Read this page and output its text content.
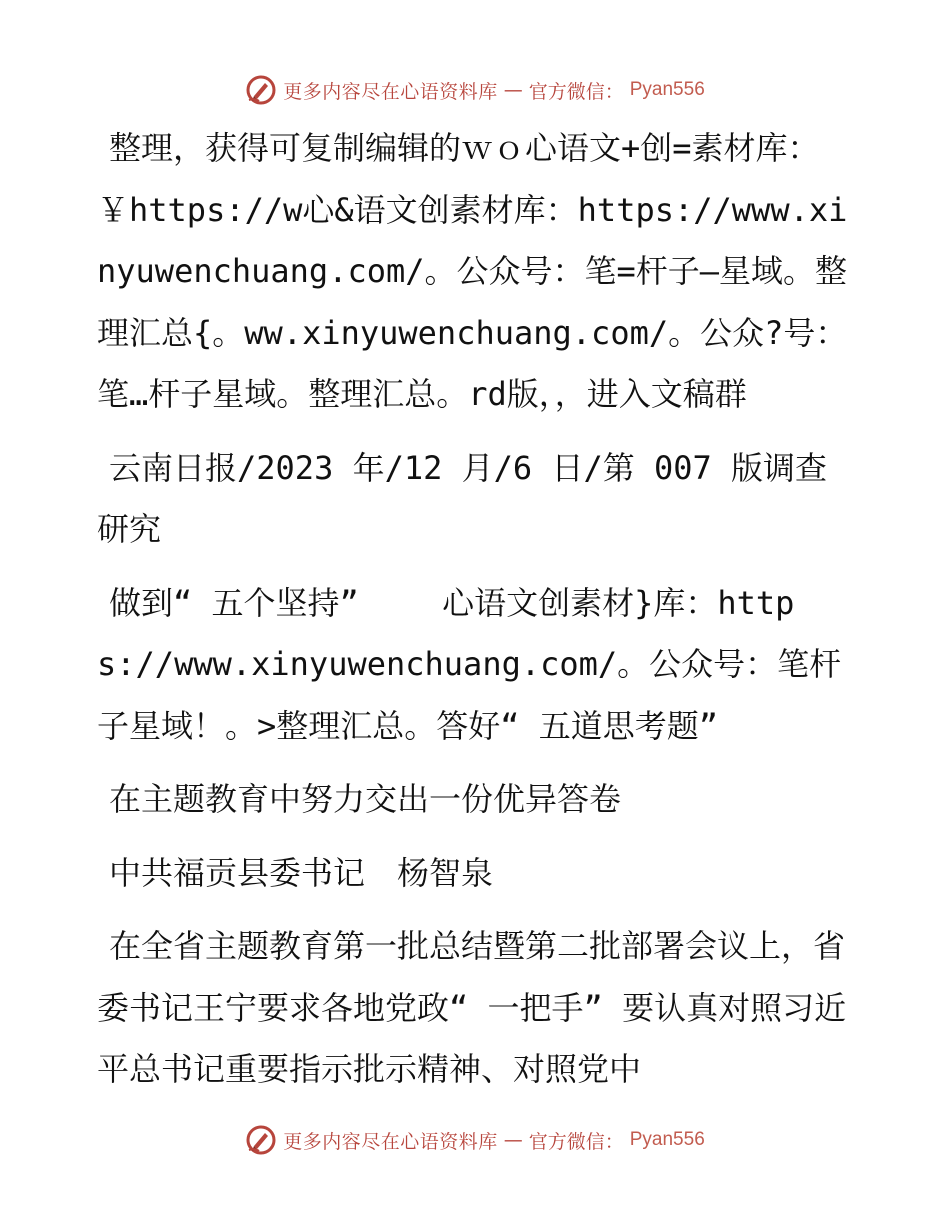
更多内容尽在心语资料库 — 官方微信： Pyan556

整理，获得可复制编辑的ｗｏ心语文+创=素材库：￥https://w心&语文创素材库：https://www.xinyuwenchuang.com/。公众号：笔=杆子—星域。整理汇总{。ww.xinyuwenchuang.com/。公众?号：笔…杆子星域。整理汇总。rd版，，进入文稿群

云南日报/2023 年/12 月/6 日/第 007 版调查研究

做到“ 五个坚持” 　　心语文创素材}库：https://www.xinyuwenchuang.com/。公众号：笔杆子星域！。>整理汇总。答好“ 五道思考题”

在主题教育中努力交出一份优异答卷

中共福贡县委书记　杨智泉

在全省主题教育第一批总结暨第二批部署会议上，省委书记王宁要求各地党政“ 一把手” 要认真对照习近平总书记重要指示批示精神、对照党中

更多内容尽在心语资料库 — 官方微信： Pyan556
